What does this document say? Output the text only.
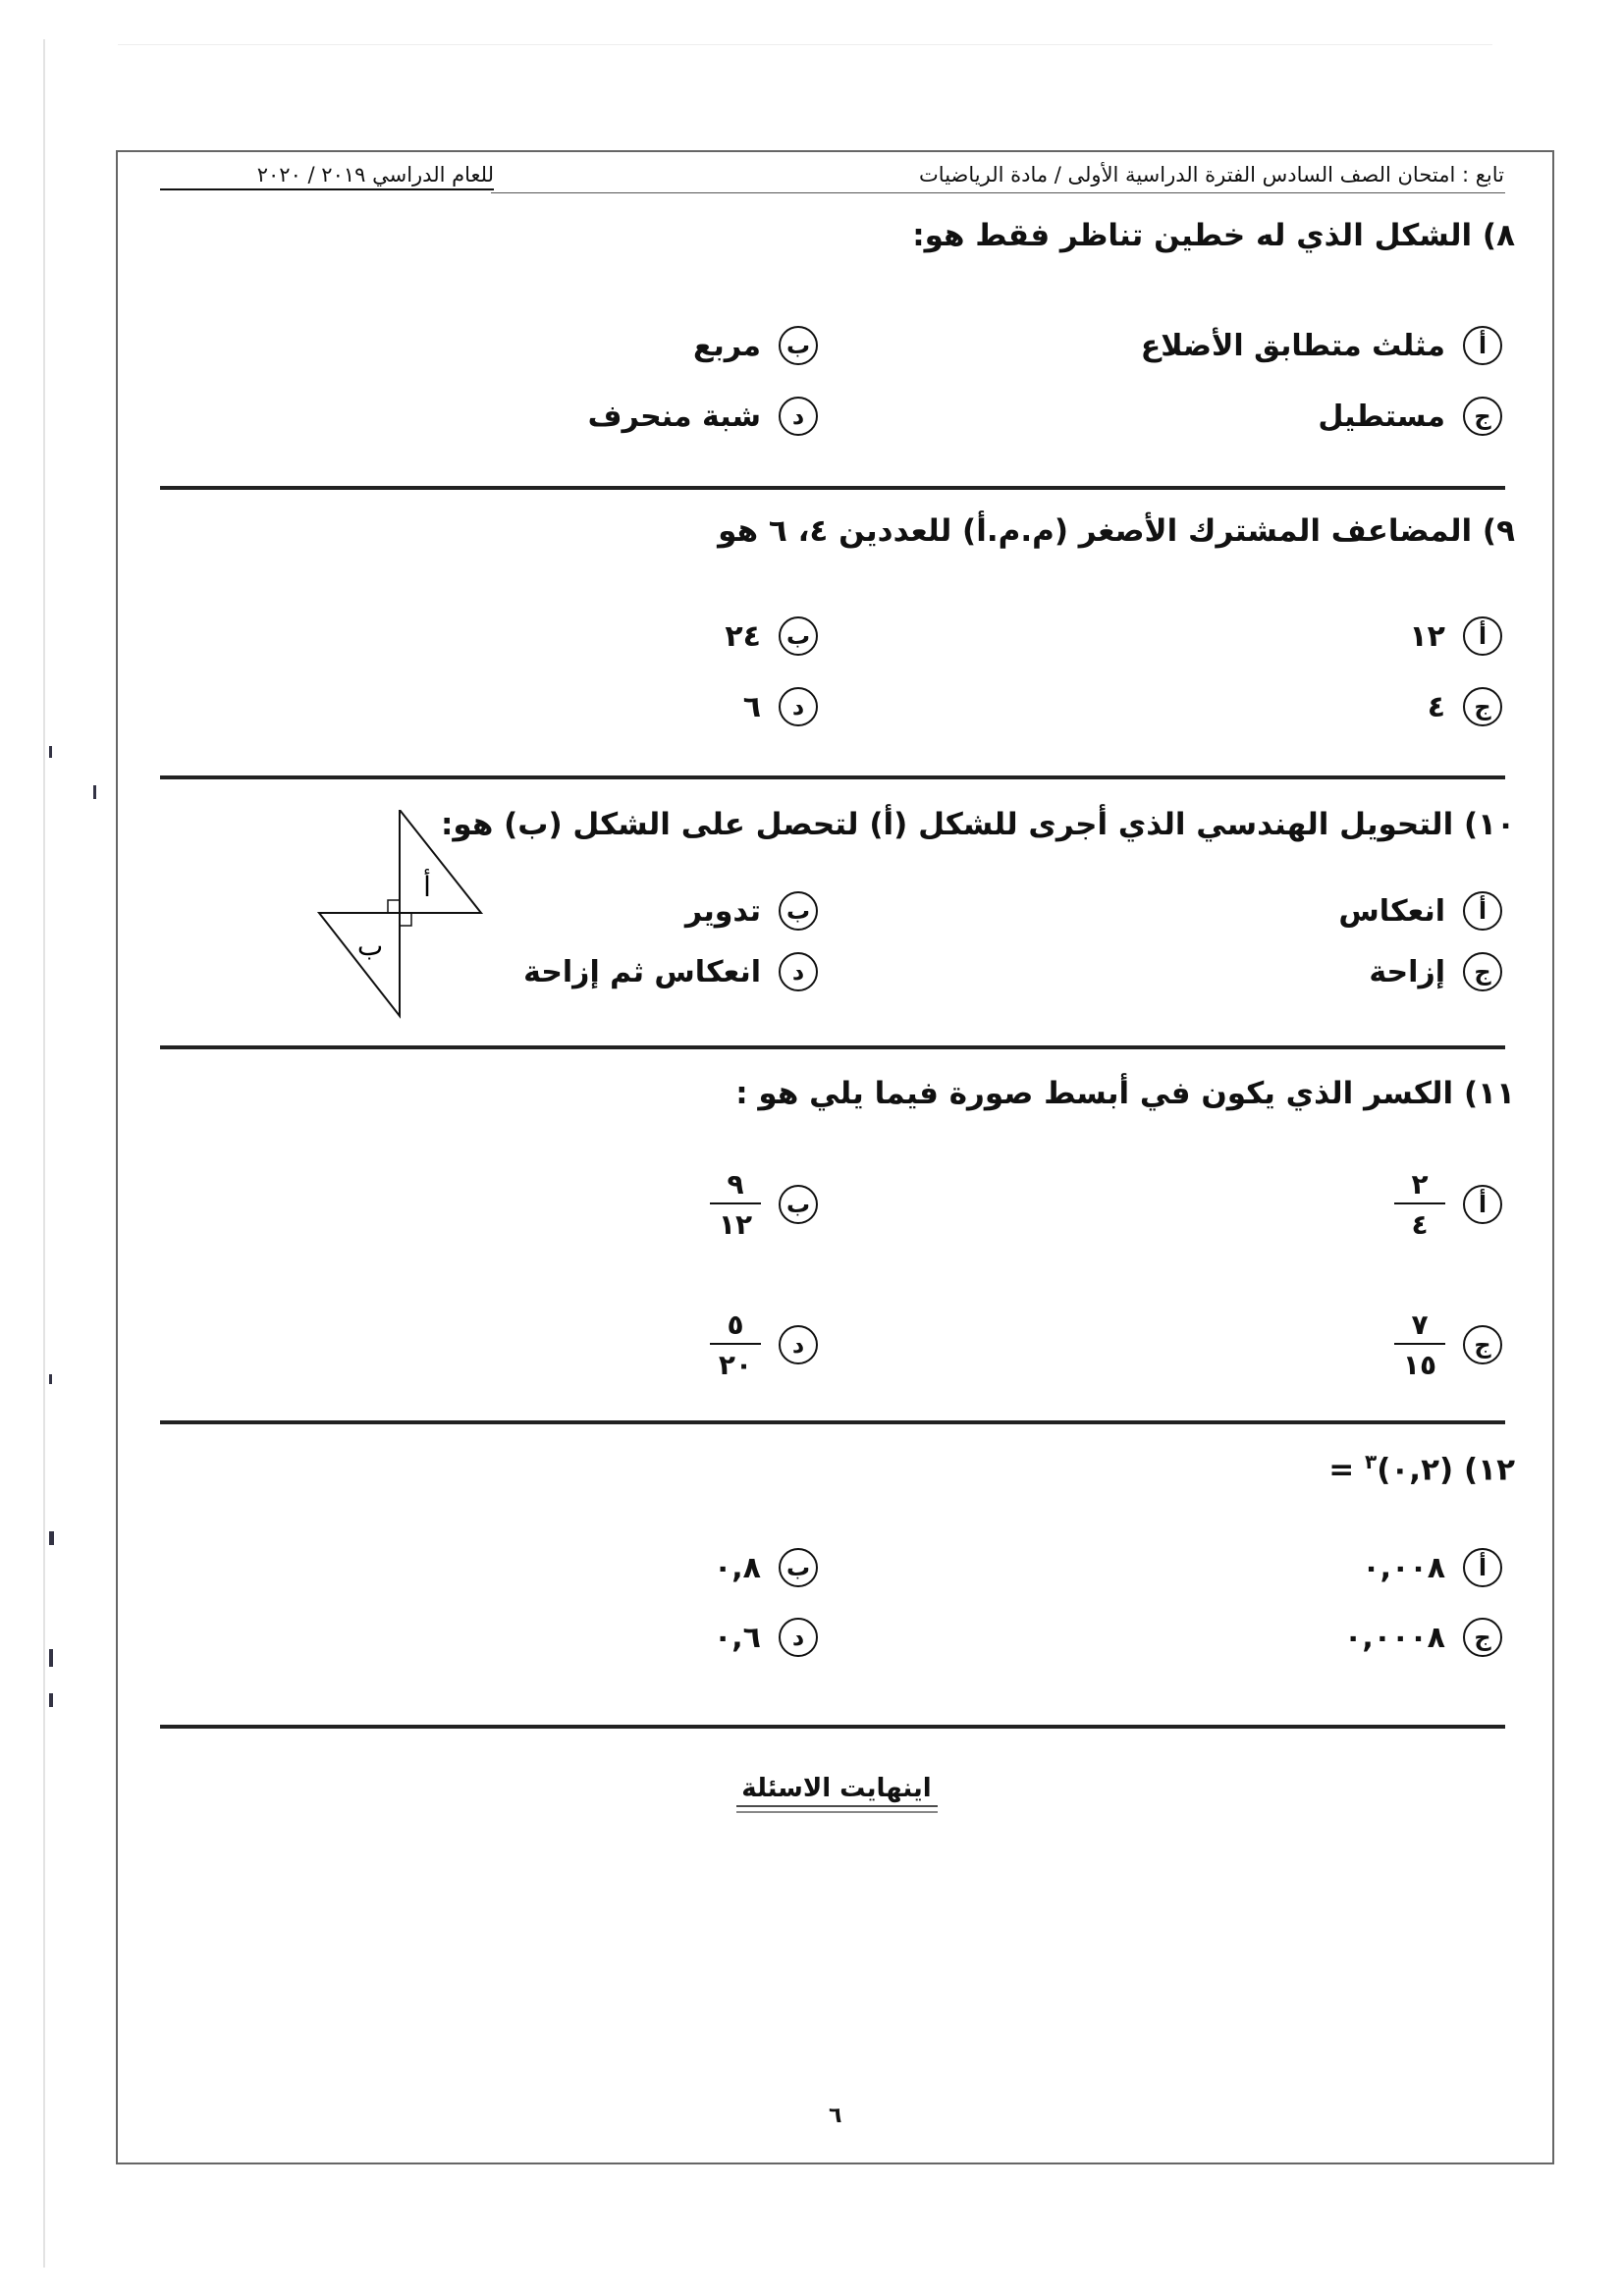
للعام الدراسي ٢٠١٩ / ٢٠٢٠	تابع : امتحان الصف السادس الفترة الدراسية الأولى / مادة الرياضيات
٨) الشكل الذي له خطين تناظر فقط هو:
أ
مثلث متطابق الأضلاع
ب
مربع
ج
مستطيل
د
شبة منحرف
٩) المضاعف المشترك الأصغر (م.م.أ) للعددين ٤، ٦ هو
أ
١٢
ب
٢٤
ج
٤
د
٦
١٠) التحويل الهندسي الذي أجرى للشكل (أ) لتحصل على الشكل (ب) هو:
أ
ب
أ
انعكاس
ب
تدوير
ج
إزاحة
د
انعكاس ثم إزاحة
١١) الكسر الذي يكون في أبسط صورة فيما يلي هو :
أ
$\frac{٢}{٤}$
ب
$\frac{٩}{١٢}$
ج
$\frac{٧}{١٥}$
د
$\frac{٥}{٢٠}$
١٢) (٠,٢)$^٣$ =
أ
٠,٠٠٨
ب
٠,٨
ج
٠,٠٠٠٨
د
٠,٦
اينهايت الاسئلة
٦
